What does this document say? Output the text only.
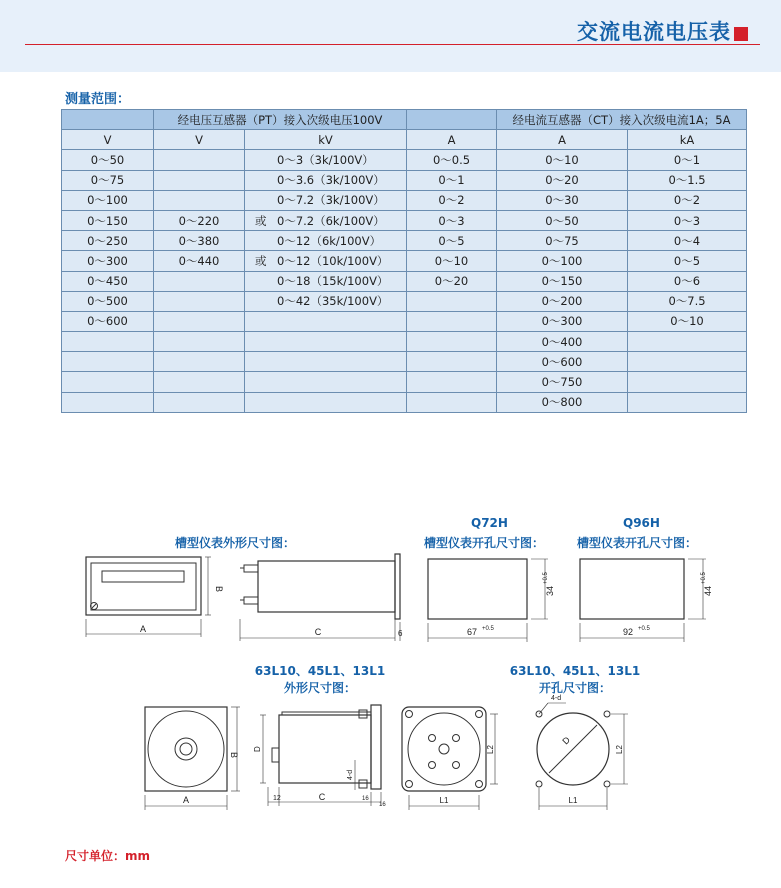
交流电流电压表
测量范围：
	经电压互感器（PT）接入次级电压100V			经电流互感器（CT）接入次级电流1A；5A	
V	V	kV	A	A	kA
0～50		0～3（3k/100V）	0～0.5	0～10	0～1
0～75		0～3.6（3k/100V）	0～1	0～20	0～1.5
0～100		0～7.2（3k/100V）	0～2	0～30	0～2
0～150	0～220	或 0～7.2（6k/100V）	0～3	0～50	0～3
0～250	0～380	0～12（6k/100V）	0～5	0～75	0～4
0～300	0～440	或 0～12（10k/100V）	0～10	0～100	0～5
0～450		0～18（15k/100V）	0～20	0～150	0～6
0～500		0～42（35k/100V）		0～200	0～7.5
0～600				0～300	0～10
				0～400	
				0～600	
				0～750	
				0～800	
槽型仪表外形尺寸图：
Q72H
槽型仪表开孔尺寸图：
Q96H
槽型仪表开孔尺寸图：
63L10、45L1、13L1
外形尺寸图：
63L10、45L1、13L1
开孔尺寸图：
A
B
C	6	67 +0.5
34
+0.5
92 +0.5
44
+0.5
A
B
D
12	C	16
16
4-d
L1
L2
4-d
D
L1
L2
尺寸单位：mm
